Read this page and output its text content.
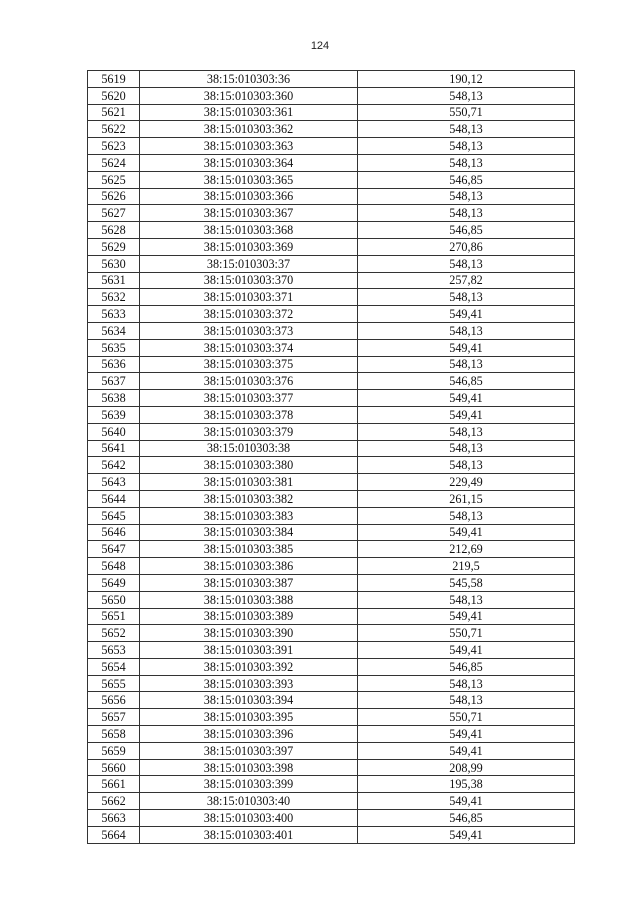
124
5619	38:15:010303:36	190,12
5620	38:15:010303:360	548,13
5621	38:15:010303:361	550,71
5622	38:15:010303:362	548,13
5623	38:15:010303:363	548,13
5624	38:15:010303:364	548,13
5625	38:15:010303:365	546,85
5626	38:15:010303:366	548,13
5627	38:15:010303:367	548,13
5628	38:15:010303:368	546,85
5629	38:15:010303:369	270,86
5630	38:15:010303:37	548,13
5631	38:15:010303:370	257,82
5632	38:15:010303:371	548,13
5633	38:15:010303:372	549,41
5634	38:15:010303:373	548,13
5635	38:15:010303:374	549,41
5636	38:15:010303:375	548,13
5637	38:15:010303:376	546,85
5638	38:15:010303:377	549,41
5639	38:15:010303:378	549,41
5640	38:15:010303:379	548,13
5641	38:15:010303:38	548,13
5642	38:15:010303:380	548,13
5643	38:15:010303:381	229,49
5644	38:15:010303:382	261,15
5645	38:15:010303:383	548,13
5646	38:15:010303:384	549,41
5647	38:15:010303:385	212,69
5648	38:15:010303:386	219,5
5649	38:15:010303:387	545,58
5650	38:15:010303:388	548,13
5651	38:15:010303:389	549,41
5652	38:15:010303:390	550,71
5653	38:15:010303:391	549,41
5654	38:15:010303:392	546,85
5655	38:15:010303:393	548,13
5656	38:15:010303:394	548,13
5657	38:15:010303:395	550,71
5658	38:15:010303:396	549,41
5659	38:15:010303:397	549,41
5660	38:15:010303:398	208,99
5661	38:15:010303:399	195,38
5662	38:15:010303:40	549,41
5663	38:15:010303:400	546,85
5664	38:15:010303:401	549,41
